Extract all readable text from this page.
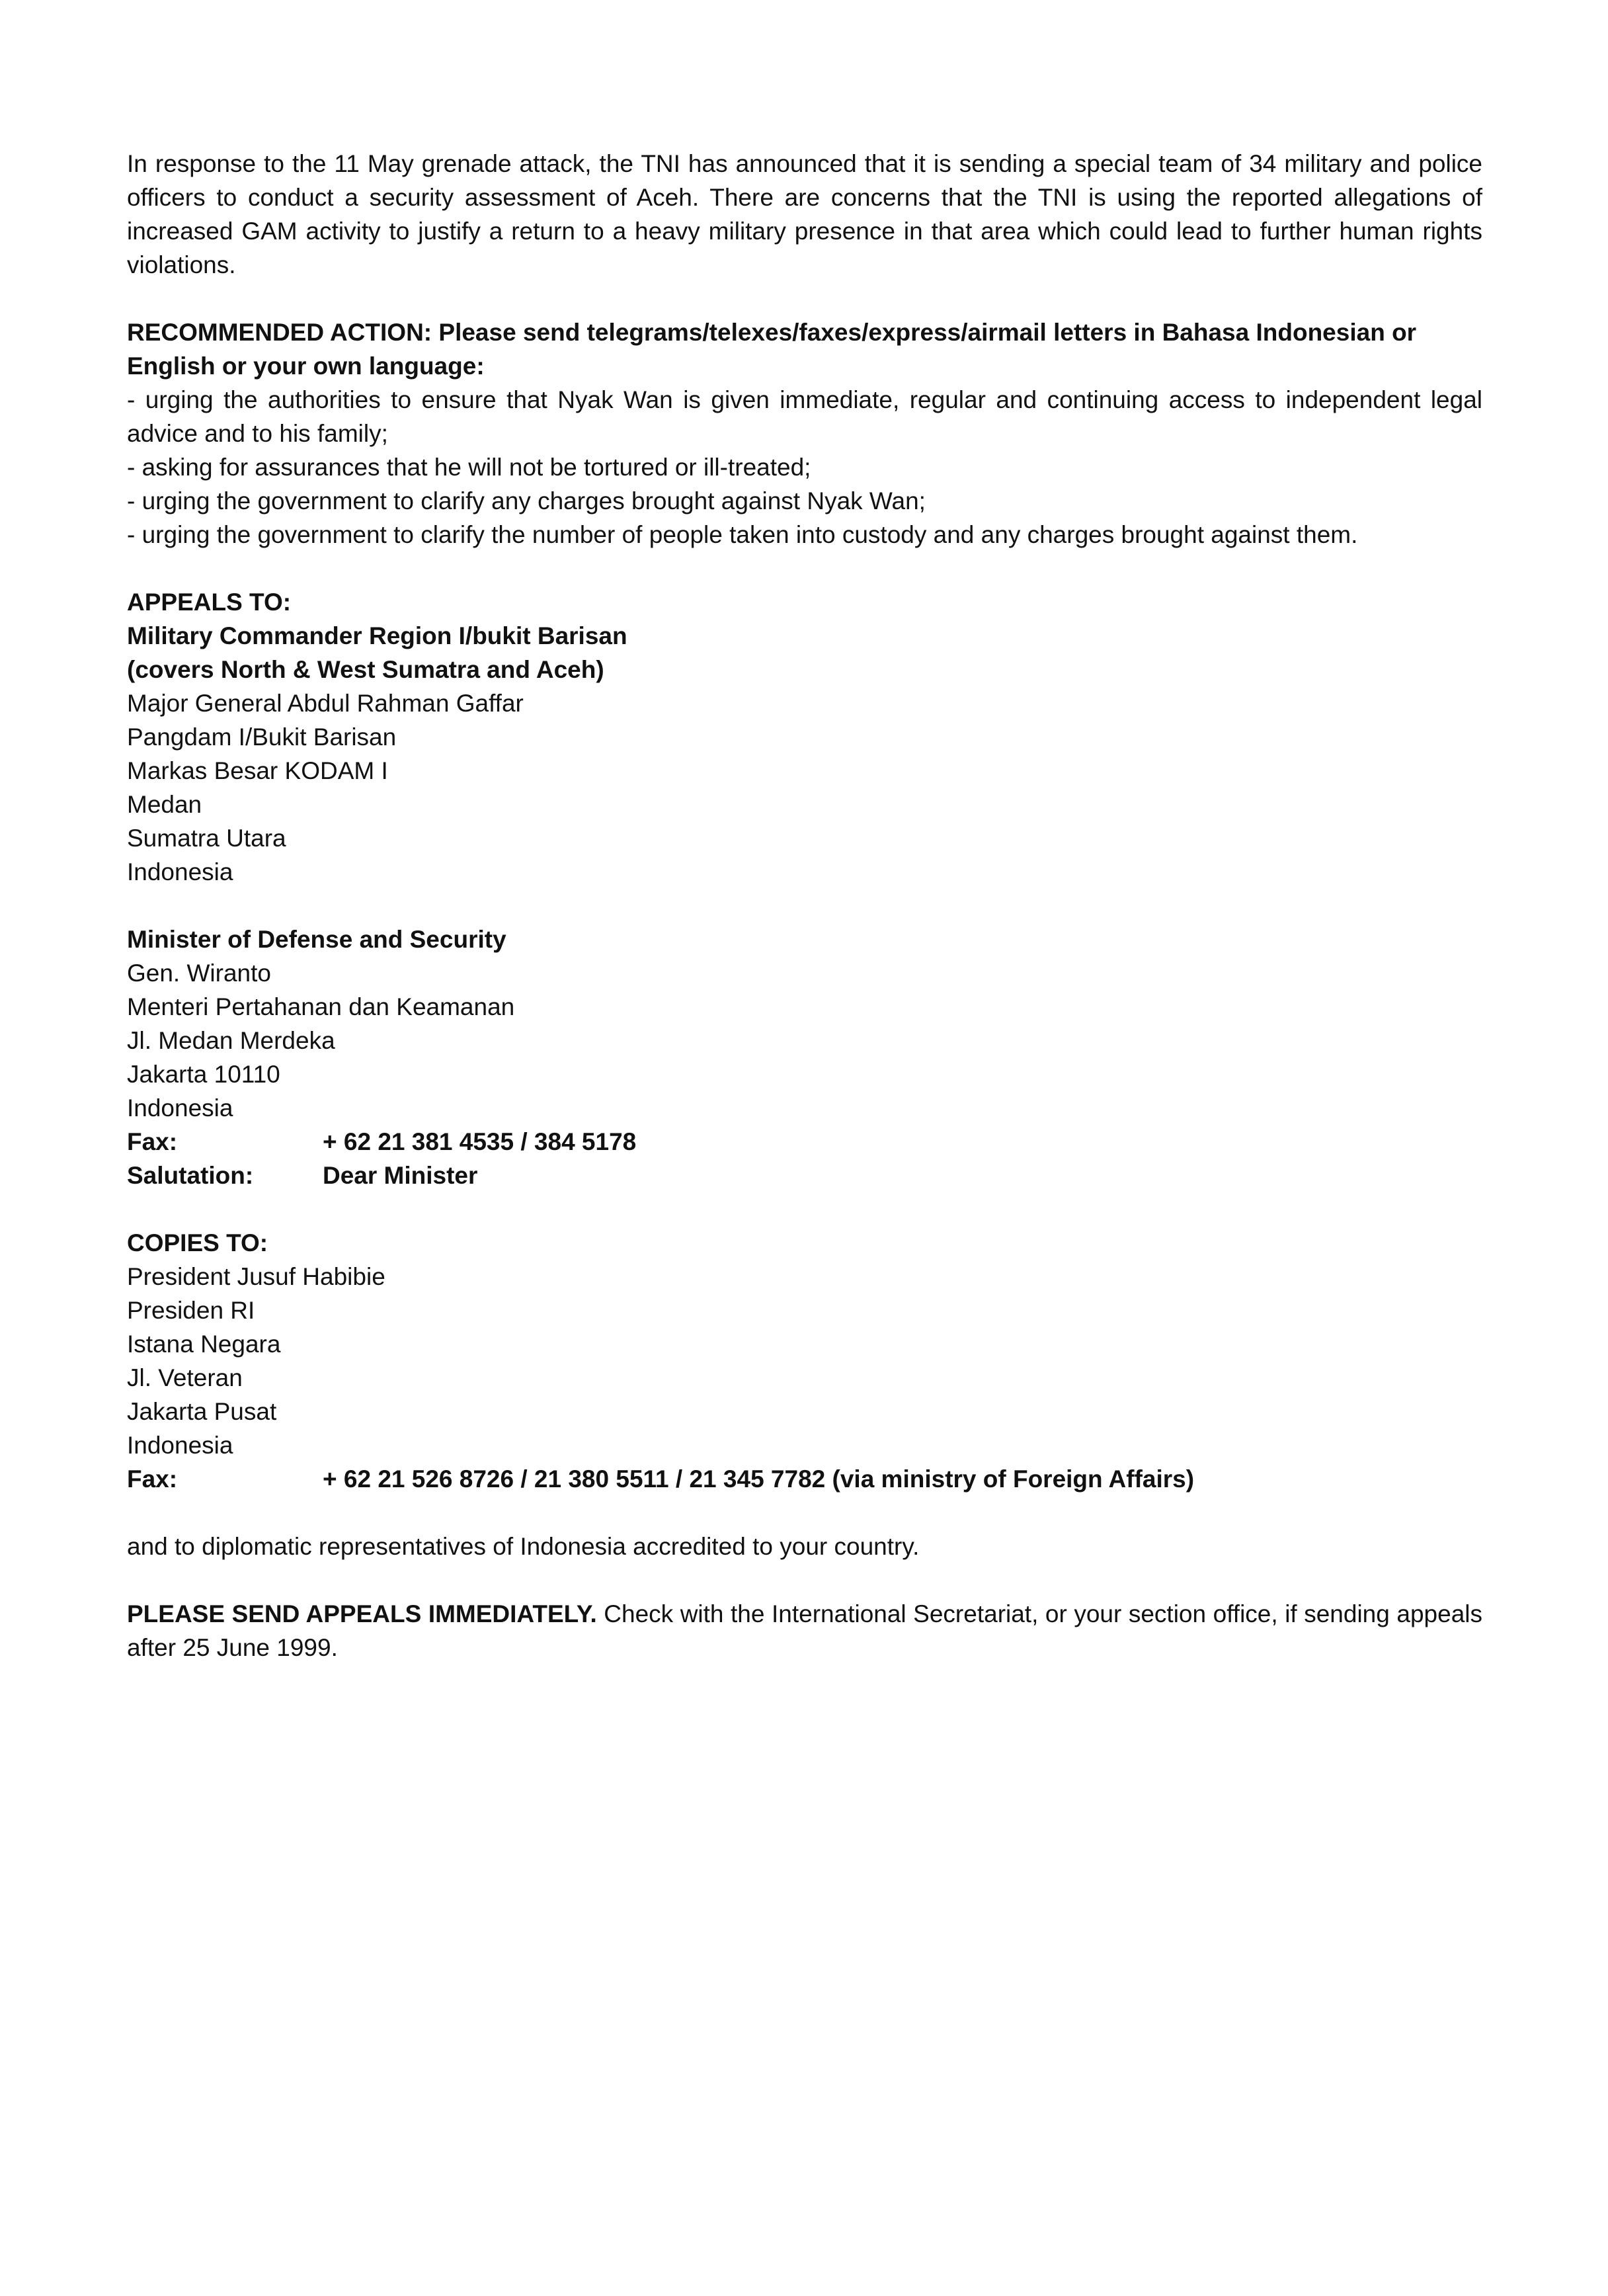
In response to the 11 May grenade attack, the TNI has announced that it is sending a special team of 34 military and police officers to conduct a security assessment of Aceh. There are concerns that the TNI is using the reported allegations of increased GAM activity to justify a return to a heavy military presence in that area which could lead to further human rights violations.

RECOMMENDED ACTION: Please send telegrams/telexes/faxes/express/airmail letters in Bahasa Indonesian or English or your own language:

- urging the authorities to ensure that Nyak Wan is given immediate, regular and continuing access to independent legal advice and to his family;

- asking for assurances that he will not be tortured or ill-treated;

- urging the government to clarify any charges brought against Nyak Wan;

- urging the government to clarify the number of people taken into custody and any charges brought against them.

APPEALS TO:
Military Commander Region I/bukit Barisan
(covers North & West Sumatra and Aceh)
Major General Abdul Rahman Gaffar
Pangdam I/Bukit Barisan
Markas Besar KODAM I
Medan
Sumatra Utara
Indonesia
Minister of Defense and Security
Gen. Wiranto
Menteri Pertahanan dan Keamanan
Jl. Medan Merdeka
Jakarta 10110
Indonesia
Fax:	+ 62 21 381 4535 / 384 5178
Salutation:	Dear Minister
COPIES TO:
President Jusuf Habibie
Presiden RI
Istana Negara
Jl. Veteran
Jakarta Pusat
Indonesia
Fax:	+ 62 21 526 8726 / 21 380 5511 / 21 345 7782 (via ministry of Foreign Affairs)

and to diplomatic representatives of Indonesia accredited to your country.

PLEASE SEND APPEALS IMMEDIATELY. Check with the International Secretariat, or your section office, if sending appeals after 25 June 1999.
